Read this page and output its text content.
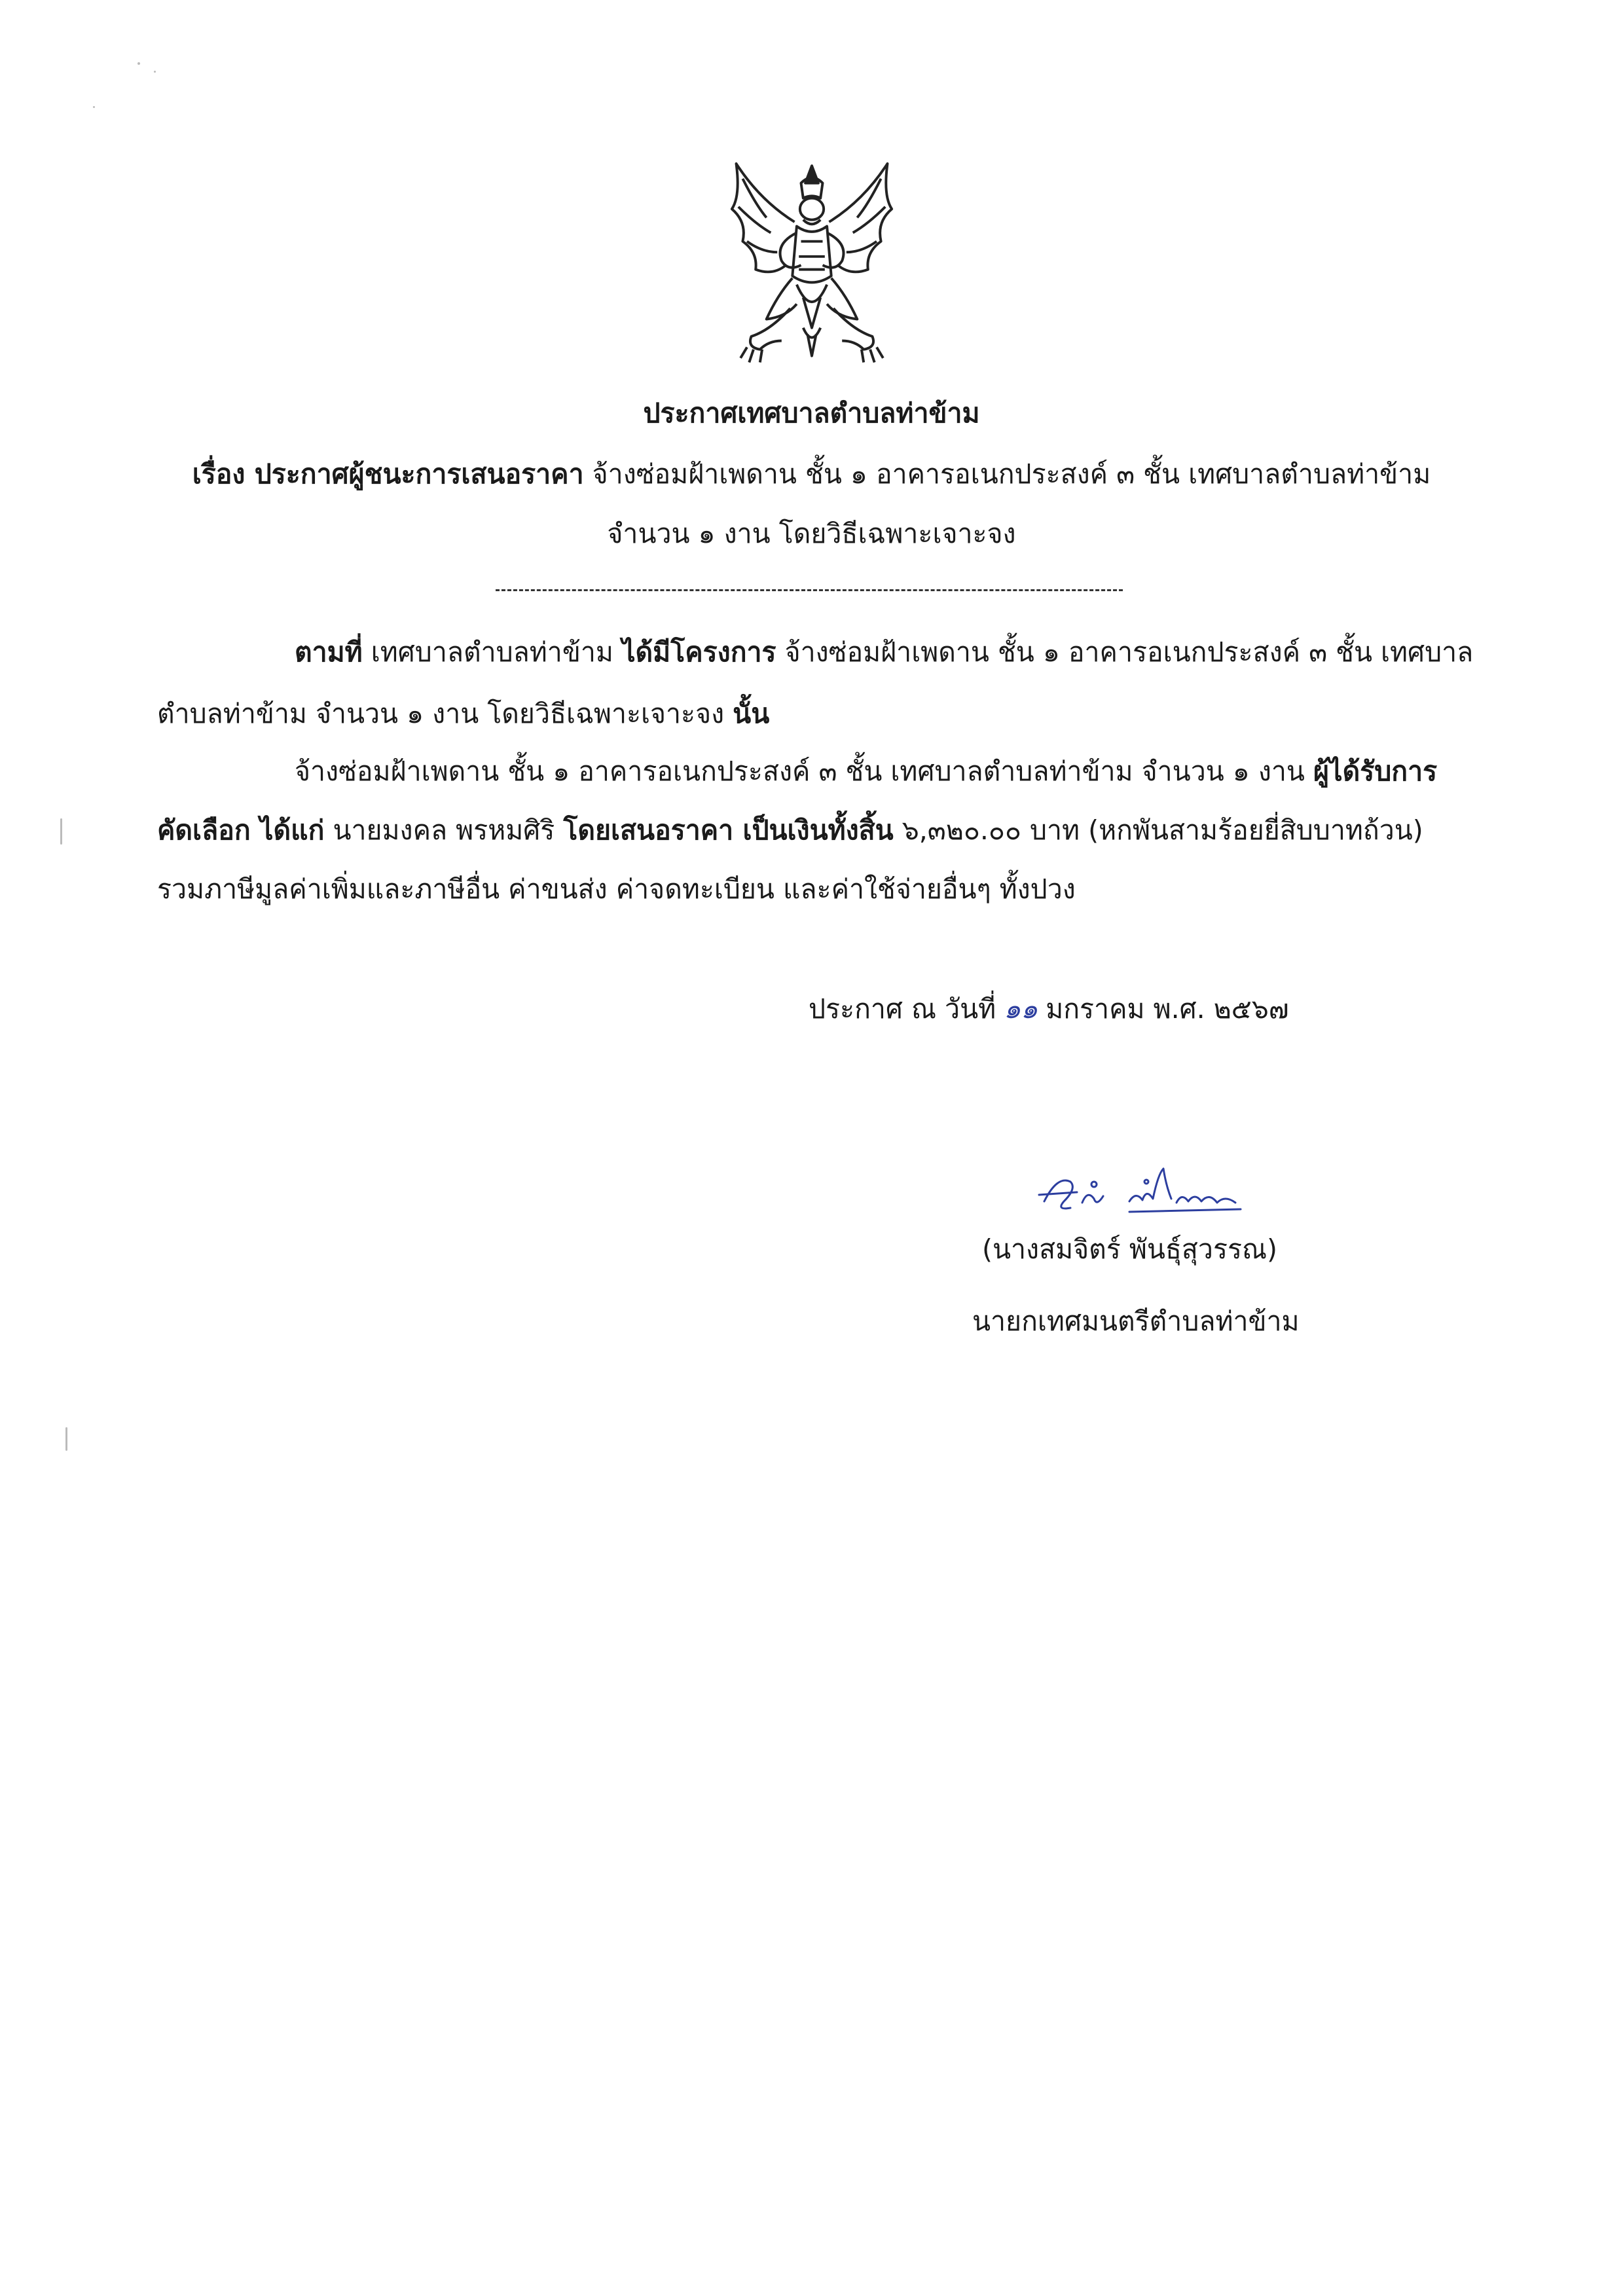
ประกาศเทศบาลตำบลท่าข้าม
เรื่อง ประกาศผู้ชนะการเสนอราคา จ้างซ่อมฝ้าเพดาน ชั้น ๑ อาคารอเนกประสงค์ ๓ ชั้น เทศบาลตำบลท่าข้าม
จำนวน ๑ งาน โดยวิธีเฉพาะเจาะจง
ตามที่ เทศบาลตำบลท่าข้าม ได้มีโครงการ จ้างซ่อมฝ้าเพดาน ชั้น ๑ อาคารอเนกประสงค์ ๓ ชั้น เทศบาล
ตำบลท่าข้าม จำนวน ๑ งาน โดยวิธีเฉพาะเจาะจง นั้น
จ้างซ่อมฝ้าเพดาน ชั้น ๑ อาคารอเนกประสงค์ ๓ ชั้น เทศบาลตำบลท่าข้าม จำนวน ๑ งาน ผู้ได้รับการ
คัดเลือก ได้แก่ นายมงคล พรหมศิริ โดยเสนอราคา เป็นเงินทั้งสิ้น ๖,๓๒๐.๐๐ บาท (หกพันสามร้อยยี่สิบบาทถ้วน)
รวมภาษีมูลค่าเพิ่มและภาษีอื่น ค่าขนส่ง ค่าจดทะเบียน และค่าใช้จ่ายอื่นๆ ทั้งปวง
ประกาศ ณ วันที่ ๑๑ มกราคม พ.ศ. ๒๕๖๗
(นางสมจิตร์ พันธุ์สุวรรณ)
นายกเทศมนตรีตำบลท่าข้าม
